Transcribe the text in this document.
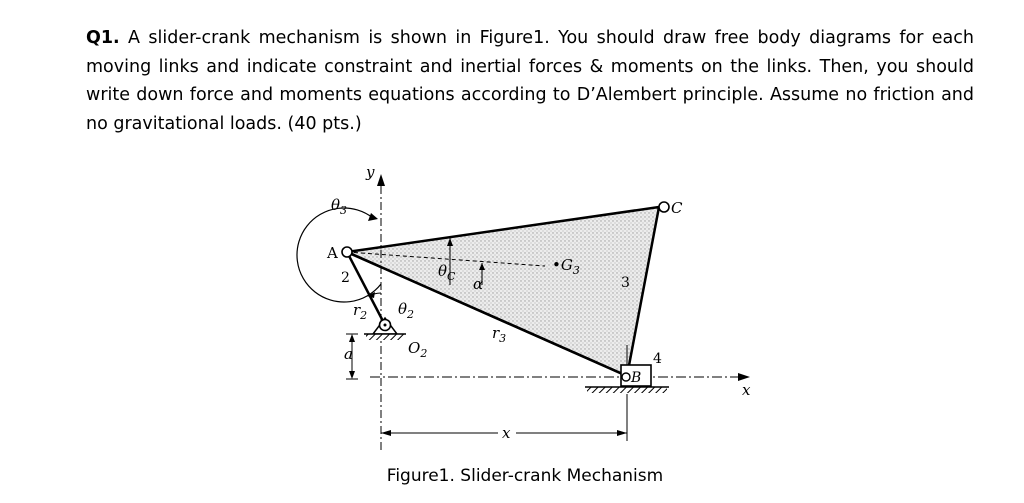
Q1. A slider-crank mechanism is shown in Figure1. You should draw free body diagrams for each moving links and indicate constraint and inertial forces & moments on the links. Then, you should write down force and moments equations according to D’Alembert principle. Assume no friction and no gravitational loads. (40 pts.)

y
x
x
A
B
C
$•G_3$
$\theta_3$
$\theta_2$
$\theta_C$ α
$r_2$
$r_3$
$O_2$
a
2	3
4

Figure1. Slider-crank Mechanism
